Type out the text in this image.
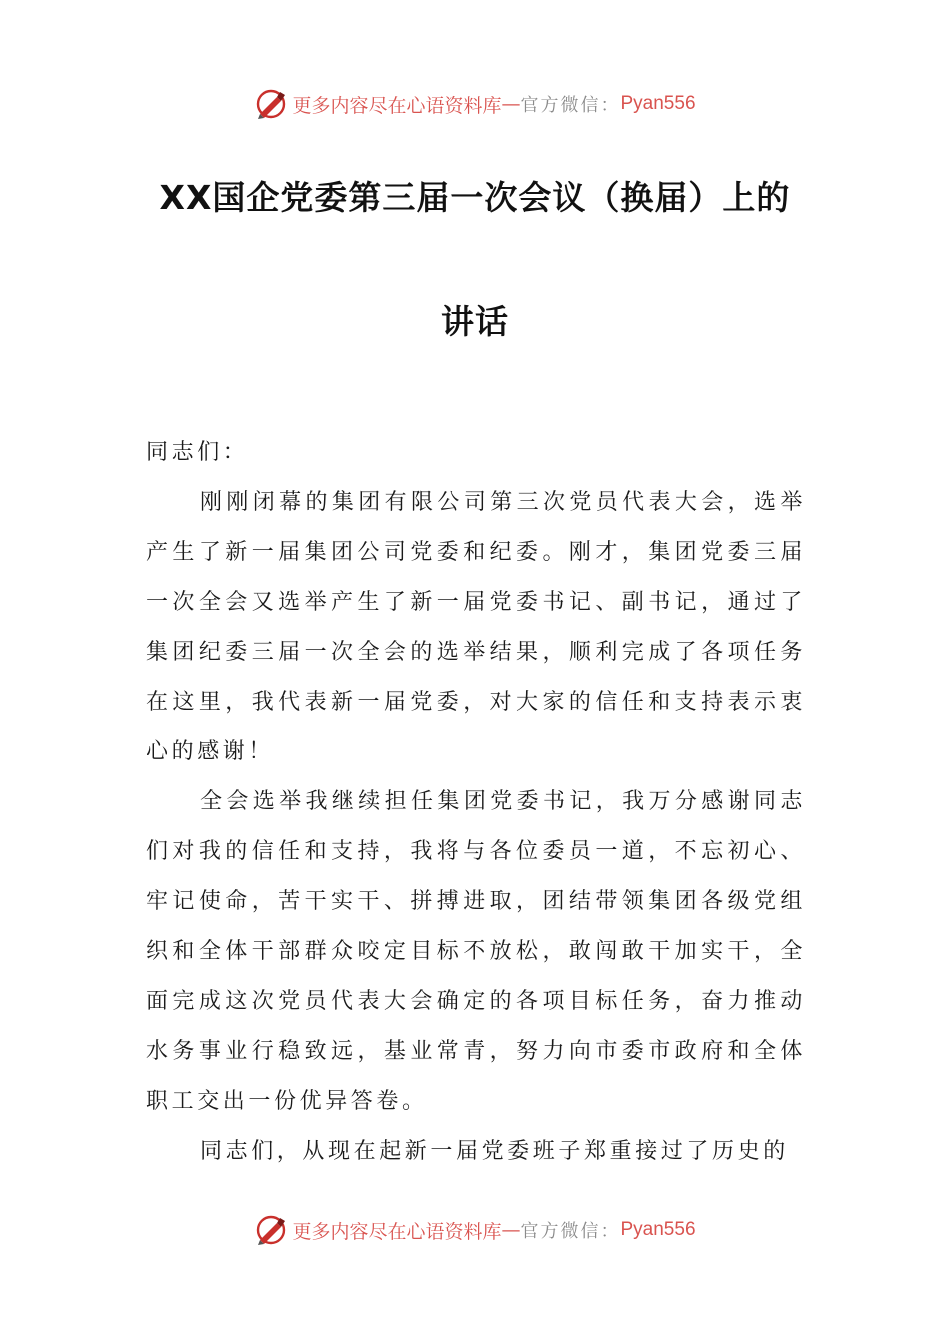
更多内容尽在心语资料库 — 官方微信： Pyan556
XX国企党委第三届一次会议（换届）上的
讲话

同志们：

刚刚闭幕的集团有限公司第三次党员代表大会，选举产生了新一届集团公司党委和纪委。刚才，集团党委三届一次全会又选举产生了新一届党委书记、副书记，通过了集团纪委三届一次全会的选举结果，顺利完成了各项任务在这里，我代表新一届党委，对大家的信任和支持表示衷心的感谢！

全会选举我继续担任集团党委书记，我万分感谢同志们对我的信任和支持，我将与各位委员一道，不忘初心、牢记使命，苦干实干、拼搏进取，团结带领集团各级党组织和全体干部群众咬定目标不放松，敢闯敢干加实干，全面完成这次党员代表大会确定的各项目标任务，奋力推动水务事业行稳致远，基业常青，努力向市委市政府和全体职工交出一份优异答卷。

同志们，从现在起新一届党委班子郑重接过了历史的

更多内容尽在心语资料库 — 官方微信： Pyan556
